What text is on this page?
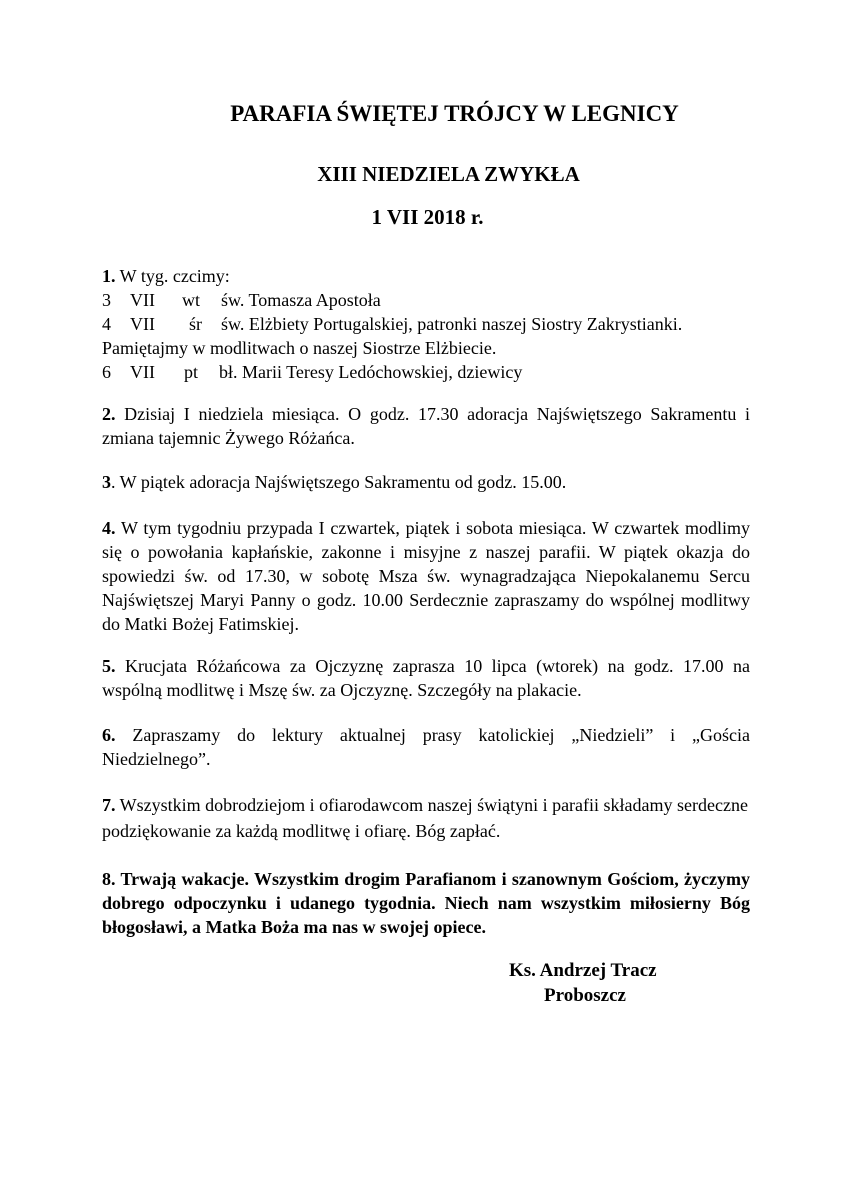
PARAFIA ŚWIĘTEJ TRÓJCY W LEGNICY
XIII NIEDZIELA ZWYKŁA
1 VII 2018 r.
1. W tyg. czcimy:
3 VII wt św. Tomasza Apostoła
4 VII śr św. Elżbiety Portugalskiej, patronki naszej Siostry Zakrystianki.
Pamiętajmy w modlitwach o naszej Siostrze Elżbiecie.
6 VII pt bł. Marii Teresy Ledóchowskiej, dziewicy

2. Dzisiaj I niedziela miesiąca. O godz. 17.30 adoracja Najświętszego Sakramentu i zmiana tajemnic Żywego Różańca.

3. W piątek adoracja Najświętszego Sakramentu od godz. 15.00.

4. W tym tygodniu przypada I czwartek, piątek i sobota miesiąca. W czwartek modlimy się o powołania kapłańskie, zakonne i misyjne z naszej parafii. W piątek okazja do spowiedzi św. od 17.30, w sobotę Msza św. wynagradzająca Niepokalanemu Sercu Najświętszej Maryi Panny o godz. 10.00 Serdecznie zapraszamy do wspólnej modlitwy do Matki Bożej Fatimskiej.

5. Krucjata Różańcowa za Ojczyznę zaprasza 10 lipca (wtorek) na godz. 17.00 na wspólną modlitwę i Mszę św. za Ojczyznę. Szczegóły na plakacie.

6. Zapraszamy do lektury aktualnej prasy katolickiej „Niedzieli” i „Gościa Niedzielnego”.

7. Wszystkim dobrodziejom i ofiarodawcom naszej świątyni i parafii składamy serdeczne podziękowanie za każdą modlitwę i ofiarę. Bóg zapłać.

8. Trwają wakacje. Wszystkim drogim Parafianom i szanownym Gościom, życzymy dobrego odpoczynku i udanego tygodnia. Niech nam wszystkim miłosierny Bóg błogosławi, a Matka Boża ma nas w swojej opiece.

Ks. Andrzej Tracz
Proboszcz
